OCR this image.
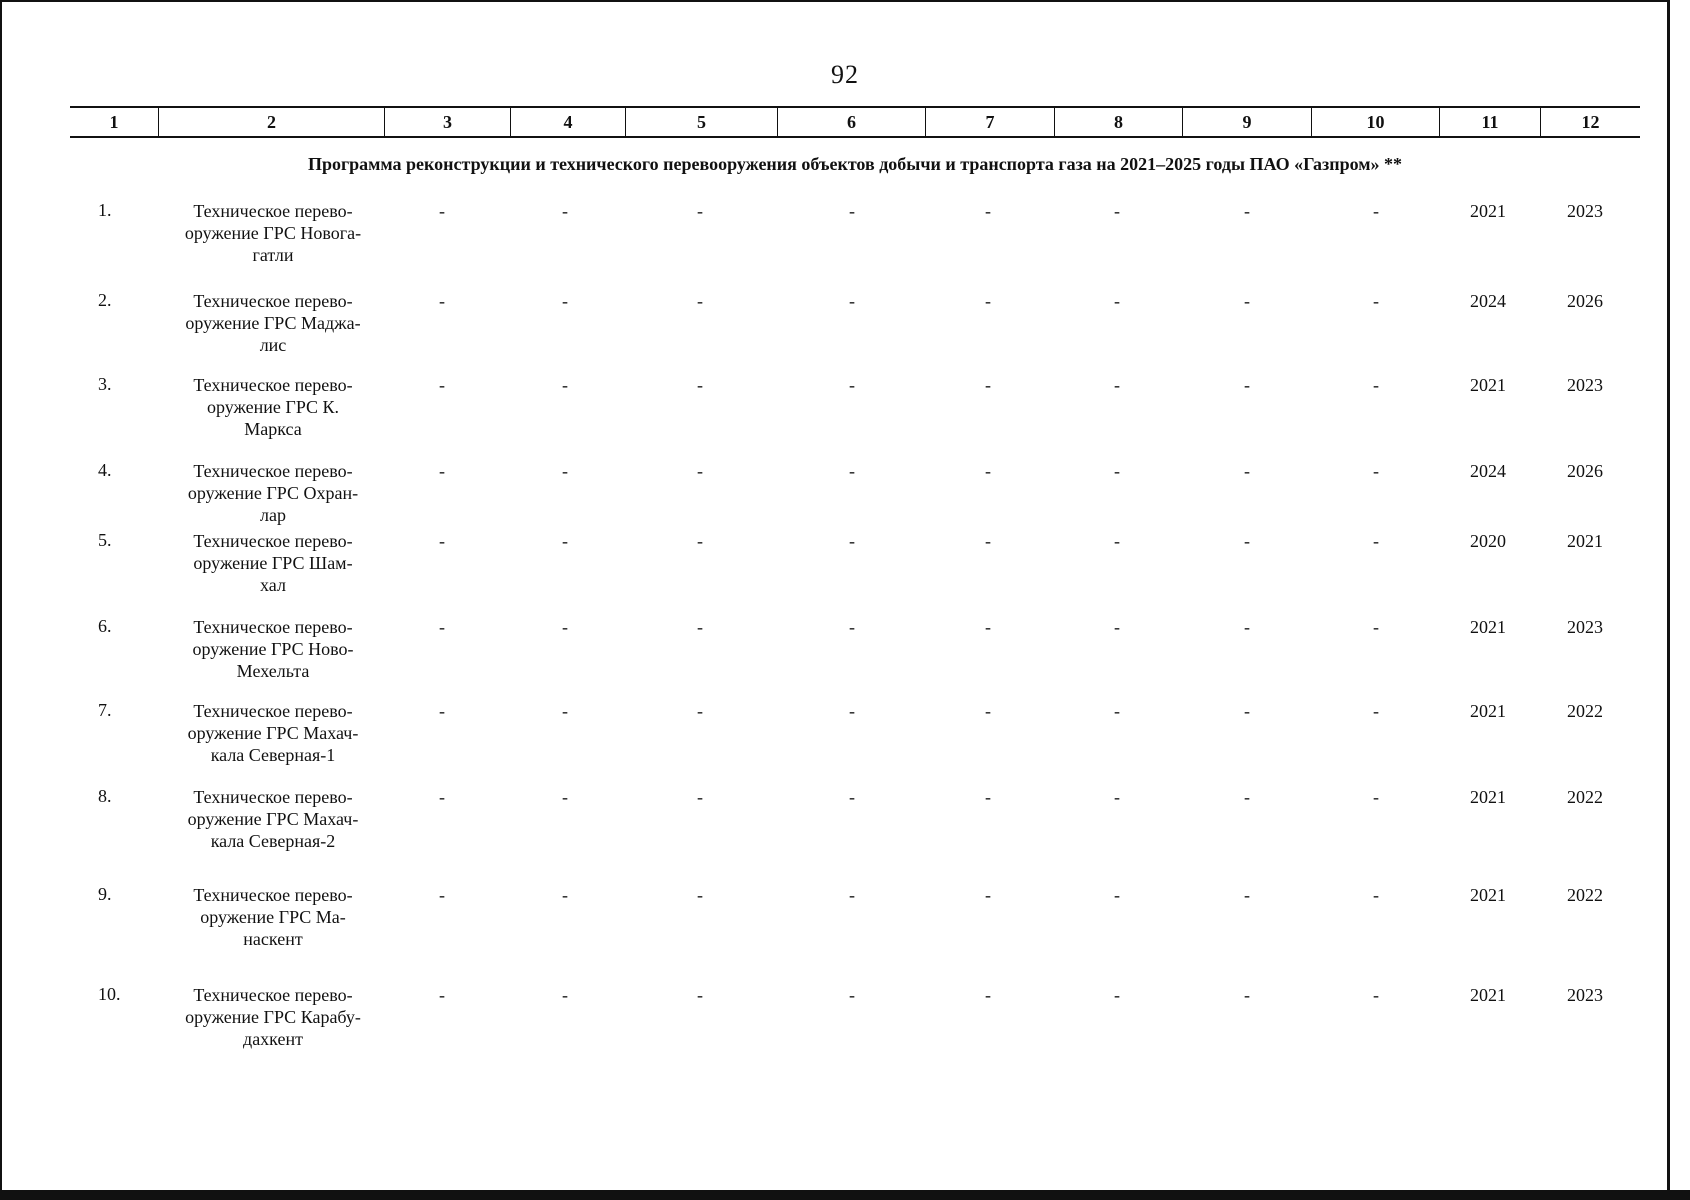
92
1	2	3	4	5	6	7	8	9	10	11	12
Программа реконструкции и технического перевооружения объектов добычи и транспорта газа на 2021–2025 годы ПАО «Газпром» **
1.	Техническое перево-
оружение ГРС Новога-
гатли
-	-	-	-	-	-	-	-	2021	2023
2.	Техническое перево-
оружение ГРС Маджа-
лис
-	-	-	-	-	-	-	-	2024	2026
3.	Техническое перево-
оружение ГРС К.
Маркса
-	-	-	-	-	-	-	-	2021	2023
4.	Техническое перево-
оружение ГРС Охран-
лар
-	-	-	-	-	-	-	-	2024	2026
5.	Техническое перево-
оружение ГРС Шам-
хал
-	-	-	-	-	-	-	-	2020	2021
6.	Техническое перево-
оружение ГРС Ново-
Мехельта
-	-	-	-	-	-	-	-	2021	2023
7.	Техническое перево-
оружение ГРС Махач-
кала Северная-1
-	-	-	-	-	-	-	-	2021	2022
8.	Техническое перево-
оружение ГРС Махач-
кала Северная-2
-	-	-	-	-	-	-	-	2021	2022
9.	Техническое перево-
оружение ГРС Ма-
наскент
-	-	-	-	-	-	-	-	2021	2022
10.	Техническое перево-
оружение ГРС Карабу-
дахкент
-	-	-	-	-	-	-	-	2021	2023
